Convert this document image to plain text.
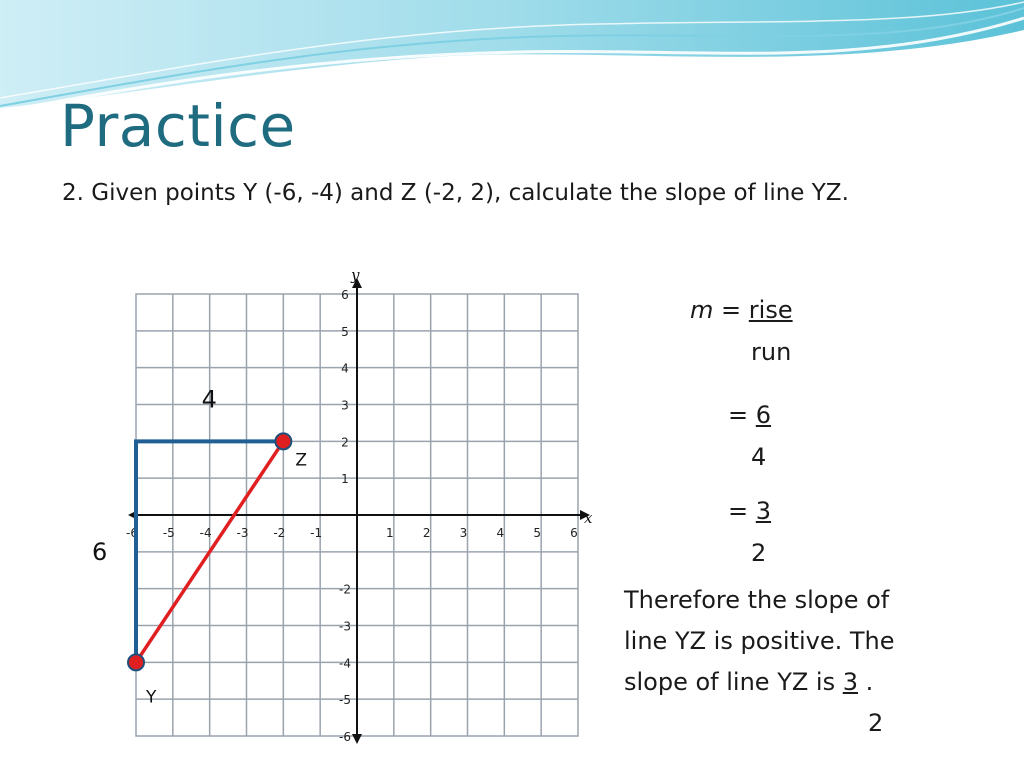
Practice
2. Given points Y (-6, -4) and Z (-2, 2), calculate the slope of line YZ.
-6 -5 -4 -3 -2 -1	1 2 3 4 5 6
6
5
4
3
2
1
-2
-3
-4
-5
-6
x
y
Y
Z
6
4
m = rise
run
= 6
4
= 3
2
Therefore the slope of
line YZ is positive. The
slope of line YZ is 3 .
2
